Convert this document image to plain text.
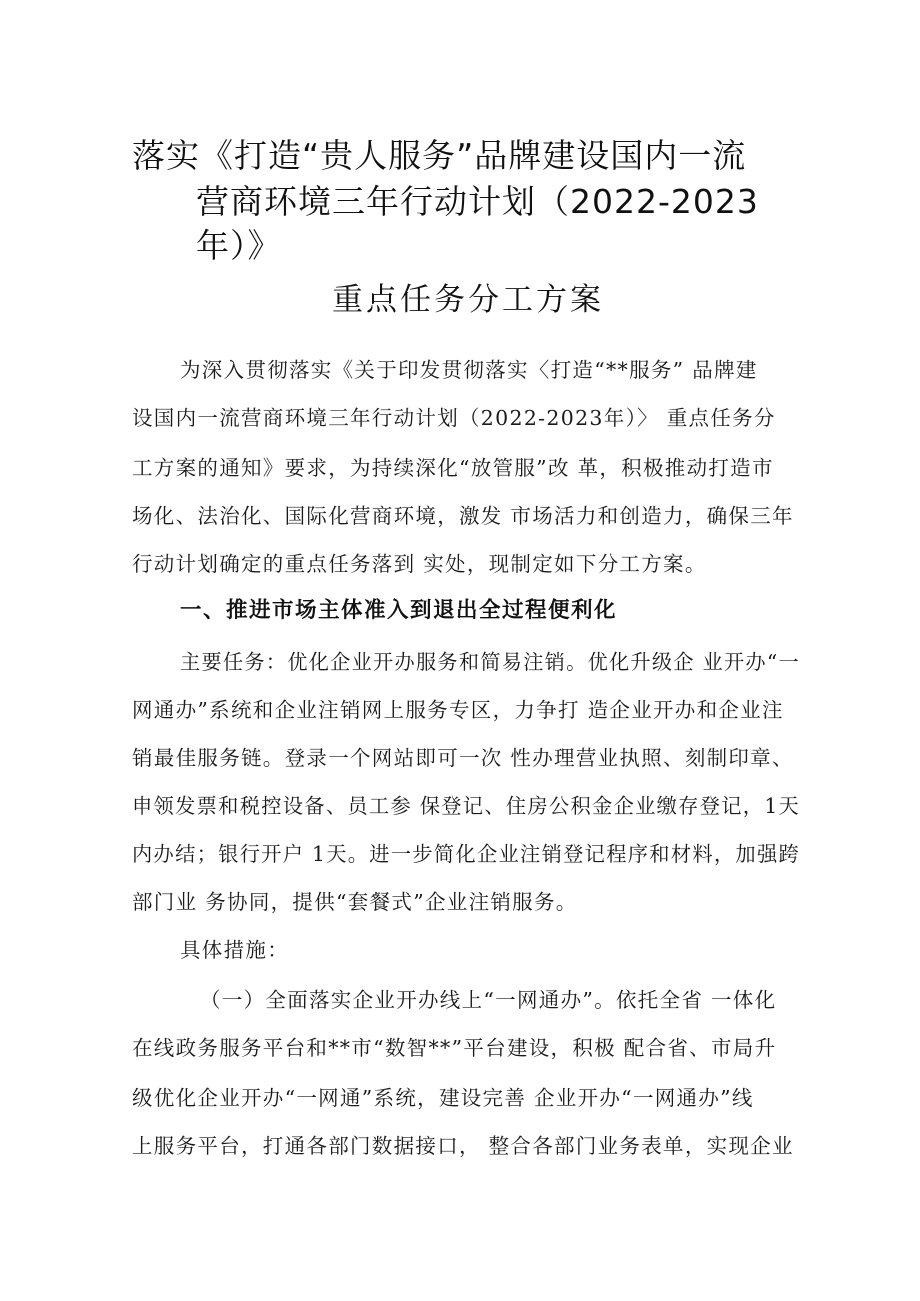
落实《打造“贵人服务”品牌建设国内一流
营商环境三年行动计划（2022-2023
年）》
重点任务分工方案
为深入贯彻落实《关于印发贯彻落实〈打造“**服务” 品牌建
设国内一流营商环境三年行动计划（2022-2023年）〉 重点任务分
工方案的通知》要求，为持续深化“放管服”改 革，积极推动打造市
场化、法治化、国际化营商环境，激发 市场活力和创造力，确保三年
行动计划确定的重点任务落到 实处，现制定如下分工方案。
一、推进市场主体准入到退出全过程便利化
主要任务：优化企业开办服务和简易注销。优化升级企 业开办“一
网通办”系统和企业注销网上服务专区，力争打 造企业开办和企业注
销最佳服务链。登录一个网站即可一次 性办理营业执照、刻制印章、
申领发票和税控设备、员工参 保登记、住房公积金企业缴存登记，1天
内办结；银行开户 1天。进一步简化企业注销登记程序和材料，加强跨
部门业 务协同，提供“套餐式”企业注销服务。
具体措施：
（一）全面落实企业开办线上“一网通办”。依托全省 一体化
在线政务服务平台和**市“数智**”平台建设，积极 配合省、市局升
级优化企业开办“一网通”系统，建设完善 企业开办“一网通办”线
上服务平台，打通各部门数据接口， 整合各部门业务表单，实现企业
